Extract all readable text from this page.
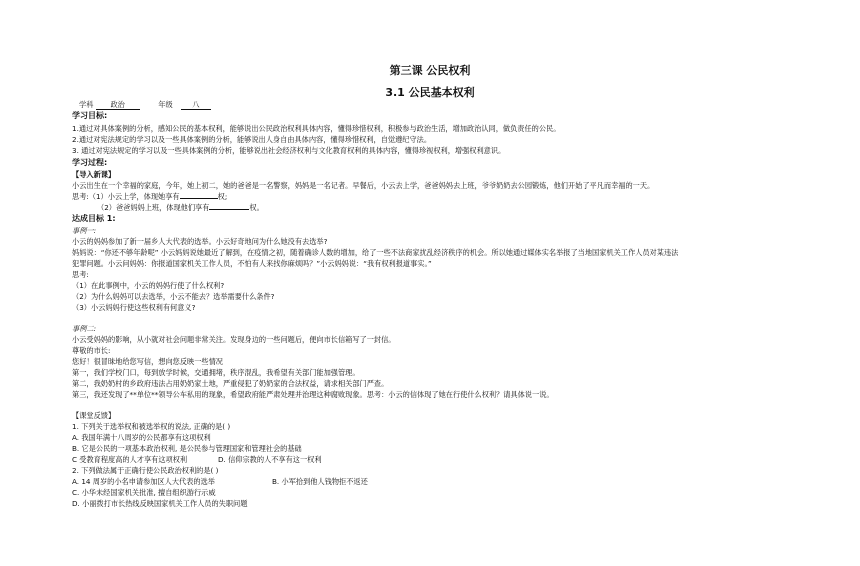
第三课 公民权利
3.1 公民基本权利
学科 政治	年级	八
学习目标:
1.通过对具体案例的分析，感知公民的基本权利，能够说出公民政治权利具体内容，懂得珍惜权利，积极参与政治生活，增加政治认同，做负责任的公民。
2.通过对宪法规定的学习以及一些具体案例的分析，能够说出人身自由具体内容，懂得珍惜权利，自觉遵纪守法。
3. 通过对宪法规定的学习以及一些具体案例的分析，能够说出社会经济权利与文化教育权利的具体内容，懂得珍视权利，增强权利意识。
学习过程:
【导入新课】
小云出生在一个幸福的家庭，今年，她上初二，她的爸爸是一名警察，妈妈是一名记者。早餐后，小云去上学，爸爸妈妈去上班，爷爷奶奶去公园锻炼，他们开始了平凡而幸福的一天。
思考:（1）小云上学，体现她享有	权;
（2）爸爸妈妈上班，体现他们享有	权。
达成目标 1:
事例一:
小云的妈妈参加了新一届乡人大代表的选举。小云好奇地问为什么她没有去选举?
妈妈说：“你还不够年龄呢” 小云妈妈说她最近了解到，在疫情之初，随着确诊人数的增加，给了一些不法商家扰乱经济秩序的机会。所以她通过媒体实名举报了当地国家机关工作人员对某违法
犯罪问题。小云问妈妈：你报道国家机关工作人员，不怕有人来找你麻烦吗？”小云妈妈说：“我有权利报道事实。”
思考:
（1）在此事例中，小云的妈妈行使了什么权利?
（2）为什么妈妈可以去选举，小云不能去？选举需要什么条件?
（3）小云妈妈行使这些权利有何意义?
事例二:
小云受妈妈的影响，从小就对社会问题非常关注。发现身边的一些问题后，便向市长信箱写了一封信。
尊敬的市长:
您好！很冒昧地给您写信，想向您反映一些情况
第一，我们学校门口，每到放学时候，交通拥堵，秩序混乱，我希望有关部门能加强管理。
第二，我奶奶村的乡政府违法占用奶奶家土地，严重侵犯了奶奶家的合法权益，请求相关部门严查。
第三，我还发现了**单位**领导公车私用的现象，希望政府能严肃处理并治理这种腐败现象。思考：小云的信体现了她在行使什么权利？请具体说一说。
【课堂反馈】
1. 下列关于选举权和被选举权的说法, 正确的是( )
A. 我国年满十八周岁的公民都享有这项权利
B. 它是公民的一项基本政治权利, 是公民参与管理国家和管理社会的基础
C 受教育程度高的人才享有这项权利	D. 信仰宗教的人不享有这一权利
2. 下列做法属于正确行使公民政治权利的是( )
A. 14 周岁的小名申请参加区人大代表的选举	B. 小军拾到他人钱物拒不返还
C. 小华未经国家机关批准, 擅自组织游行示威
D. 小丽拨打市长热线反映国家机关工作人员的失职问题
